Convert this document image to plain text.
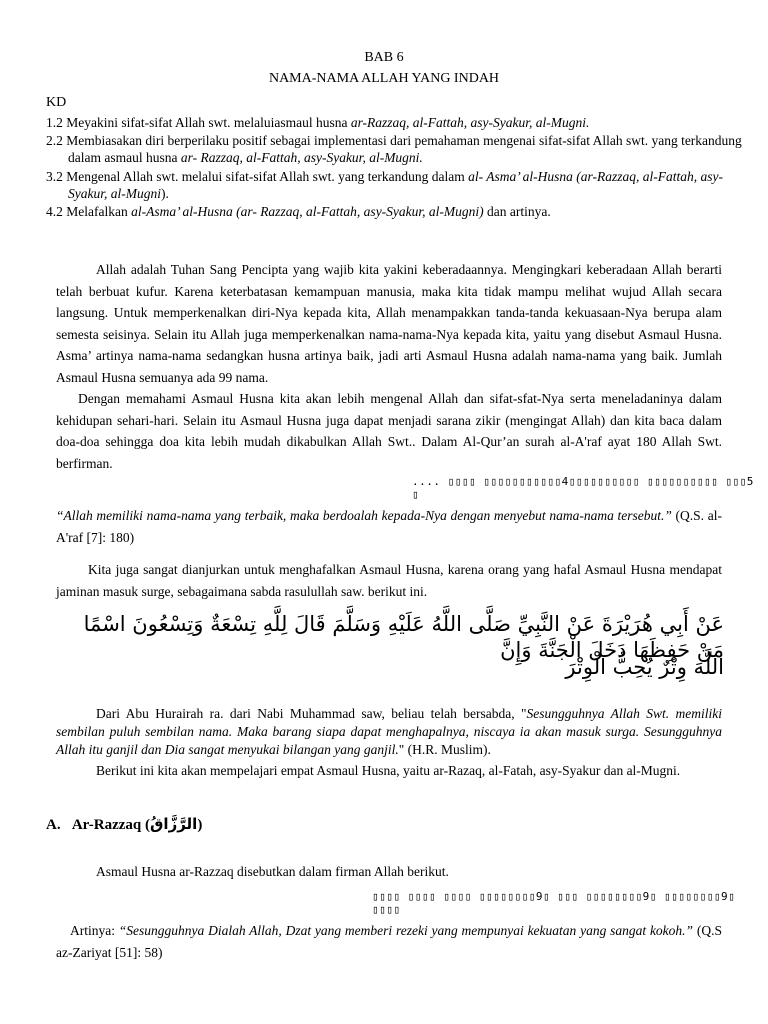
BAB 6
NAMA-NAMA ALLAH YANG INDAH
KD
1.2 Meyakini sifat-sifat Allah swt. melaluiasmaul husna ar-Razzaq, al-Fattah, asy-Syakur, al-Mugni.
2.2 Membiasakan diri berperilaku positif sebagai implementasi dari pemahaman mengenai sifat-sifat Allah swt. yang terkandung dalam asmaul husna ar- Razzaq, al-Fattah, asy-Syakur, al-Mugni.
3.2 Mengenal Allah swt. melalui sifat-sifat Allah swt. yang terkandung dalam al- Asma’ al-Husna (ar-Razzaq, al-Fattah, asy-Syakur, al-Mugni).
4.2 Melafalkan al-Asma’ al-Husna (ar- Razzaq, al-Fattah, asy-Syakur, al-Mugni) dan artinya.
Allah adalah Tuhan Sang Pencipta yang wajib kita yakini keberadaannya. Mengingkari keberadaan Allah berarti telah berbuat kufur. Karena keterbatasan kemampuan manusia, maka kita tidak mampu melihat wujud Allah secara langsung. Untuk memperkenalkan diri-Nya kepada kita, Allah menampakkan tanda-tanda kekuasaan-Nya berupa alam semesta seisinya. Selain itu Allah juga memperkenalkan nama-nama-Nya kepada kita, yaitu yang disebut Asmaul Husna. Asma’ artinya nama-nama sedangkan husna artinya baik, jadi arti Asmaul Husna adalah nama-nama yang baik. Jumlah Asmaul Husna semuanya ada 99 nama.
Dengan memahami Asmaul Husna kita akan lebih mengenal Allah dan sifat-sfat-Nya serta meneladaninya dalam kehidupan sehari-hari. Selain itu Asmaul Husna juga dapat menjadi sarana zikir (mengingat Allah) dan kita baca dalam doa-doa sehingga doa kita lebih mudah dikabulkan Allah Swt.. Dalam Al-Qur’an surah al-A'raf ayat 180 Allah Swt. berfirman.
.... ▯▯▯▯ ▯▯▯▯▯▯▯▯▯▯▯4▯▯▯▯▯▯▯▯▯▯ ▯▯▯▯▯▯▯▯▯▯ ▯▯▯5 ▯
“Allah memiliki nama-nama yang terbaik, maka berdoalah kepada-Nya dengan menyebut nama-nama tersebut.” (Q.S. al-A'raf [7]: 180)
Kita juga sangat dianjurkan untuk menghafalkan Asmaul Husna, karena orang yang hafal Asmaul Husna mendapat jaminan masuk surge, sebagaimana sabda rasulullah saw. berikut ini.
عَنْ أَبِي هُرَيْرَةَ عَنْ النَّبِيِّ صَلَّى اللَّهُ عَلَيْهِ وَسَلَّمَ قَالَ لِلَّهِ تِسْعَةٌ وَتِسْعُونَ اسْمًا مَنْ حَفِظَهَا دَخَلَ الْجَنَّةَ وَإِنَّ
اللَّهَ وِتْرٌ يُحِبُّ الْوِتْرَ
Dari Abu Hurairah ra. dari Nabi Muhammad saw, beliau telah bersabda, "Sesungguhnya Allah Swt. memiliki sembilan puluh sembilan nama. Maka barang siapa dapat menghapalnya, niscaya ia akan masuk surga. Sesungguhnya Allah itu ganjil dan Dia sangat menyukai bilangan yang ganjil." (H.R. Muslim).
Berikut ini kita akan mempelajari empat Asmaul Husna, yaitu ar-Razaq, al-Fatah, asy-Syakur dan al-Mugni.
A. Ar-Razzaq (الرَّزَّاقُ)
Asmaul Husna ar-Razzaq disebutkan dalam firman Allah berikut.
▯▯▯▯ ▯▯▯▯ ▯▯▯▯ ▯▯▯▯▯▯▯▯9▯ ▯▯▯ ▯▯▯▯▯▯▯▯9▯ ▯▯▯▯▯▯▯▯9▯ ▯▯▯▯
Artinya: “Sesungguhnya Dialah Allah, Dzat yang memberi rezeki yang mempunyai kekuatan yang sangat kokoh.” (Q.S az-Zariyat [51]: 58)
